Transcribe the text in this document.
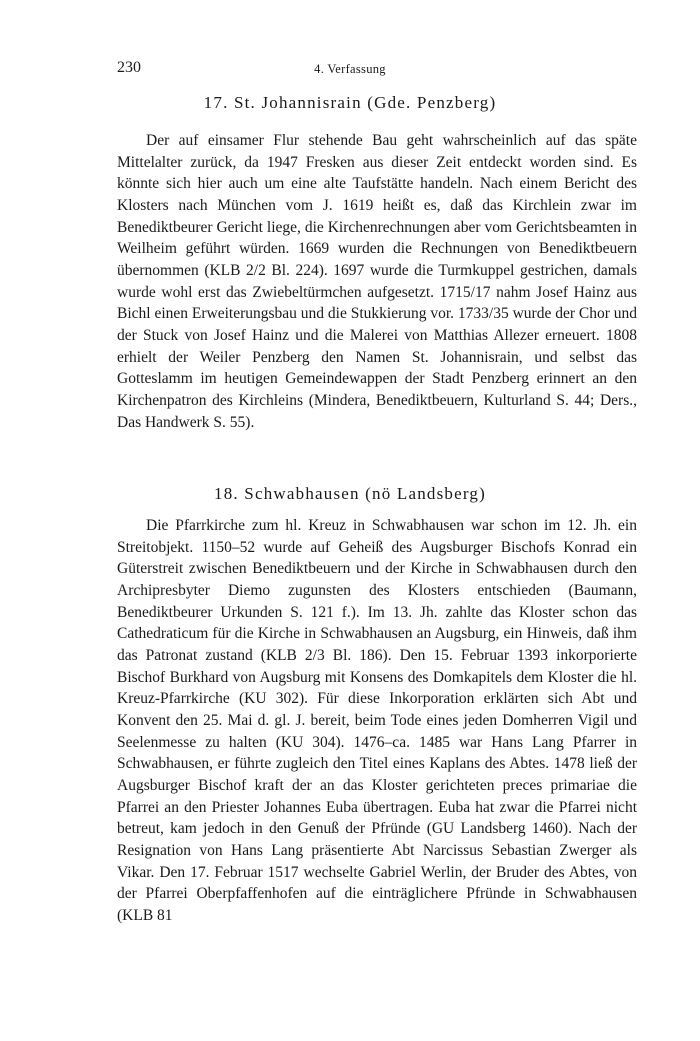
230	4. Verfassung
17. St. Johannisrain (Gde. Penzberg)

Der auf einsamer Flur stehende Bau geht wahrscheinlich auf das späte Mittelalter zurück, da 1947 Fresken aus dieser Zeit entdeckt worden sind. Es könnte sich hier auch um eine alte Taufstätte handeln. Nach einem Bericht des Klosters nach München vom J. 1619 heißt es, daß das Kirchlein zwar im Benediktbeurer Gericht liege, die Kirchenrechnungen aber vom Gerichtsbeamten in Weilheim geführt würden. 1669 wurden die Rechnungen von Benediktbeuern übernommen (KLB 2/2 Bl. 224). 1697 wurde die Turmkuppel gestrichen, damals wurde wohl erst das Zwiebeltürmchen aufgesetzt. 1715/17 nahm Josef Hainz aus Bichl einen Erweiterungsbau und die Stukkierung vor. 1733/35 wurde der Chor und der Stuck von Josef Hainz und die Malerei von Matthias Allezer erneuert. 1808 erhielt der Weiler Penzberg den Namen St. Johannisrain, und selbst das Gotteslamm im heutigen Gemeindewappen der Stadt Penzberg erinnert an den Kirchenpatron des Kirchleins (Mindera, Benediktbeuern, Kulturland S. 44; Ders., Das Handwerk S. 55).

18. Schwabhausen (nö Landsberg)

Die Pfarrkirche zum hl. Kreuz in Schwabhausen war schon im 12. Jh. ein Streitobjekt. 1150–52 wurde auf Geheiß des Augsburger Bischofs Konrad ein Güterstreit zwischen Benediktbeuern und der Kirche in Schwabhausen durch den Archipresbyter Diemo zugunsten des Klosters entschieden (Baumann, Benediktbeurer Urkunden S. 121 f.). Im 13. Jh. zahlte das Kloster schon das Cathedraticum für die Kirche in Schwabhausen an Augsburg, ein Hinweis, daß ihm das Patronat zustand (KLB 2/3 Bl. 186). Den 15. Februar 1393 inkorporierte Bischof Burkhard von Augsburg mit Konsens des Domkapitels dem Kloster die hl. Kreuz-Pfarrkirche (KU 302). Für diese Inkorporation erklärten sich Abt und Konvent den 25. Mai d. gl. J. bereit, beim Tode eines jeden Domherren Vigil und Seelenmesse zu halten (KU 304). 1476–ca. 1485 war Hans Lang Pfarrer in Schwabhausen, er führte zugleich den Titel eines Kaplans des Abtes. 1478 ließ der Augsburger Bischof kraft der an das Kloster gerichteten preces primariae die Pfarrei an den Priester Johannes Euba übertragen. Euba hat zwar die Pfarrei nicht betreut, kam jedoch in den Genuß der Pfründe (GU Landsberg 1460). Nach der Resignation von Hans Lang präsentierte Abt Narcissus Sebastian Zwerger als Vikar. Den 17. Februar 1517 wechselte Gabriel Werlin, der Bruder des Abtes, von der Pfarrei Oberpfaffenhofen auf die einträglichere Pfründe in Schwabhausen (KLB 81
